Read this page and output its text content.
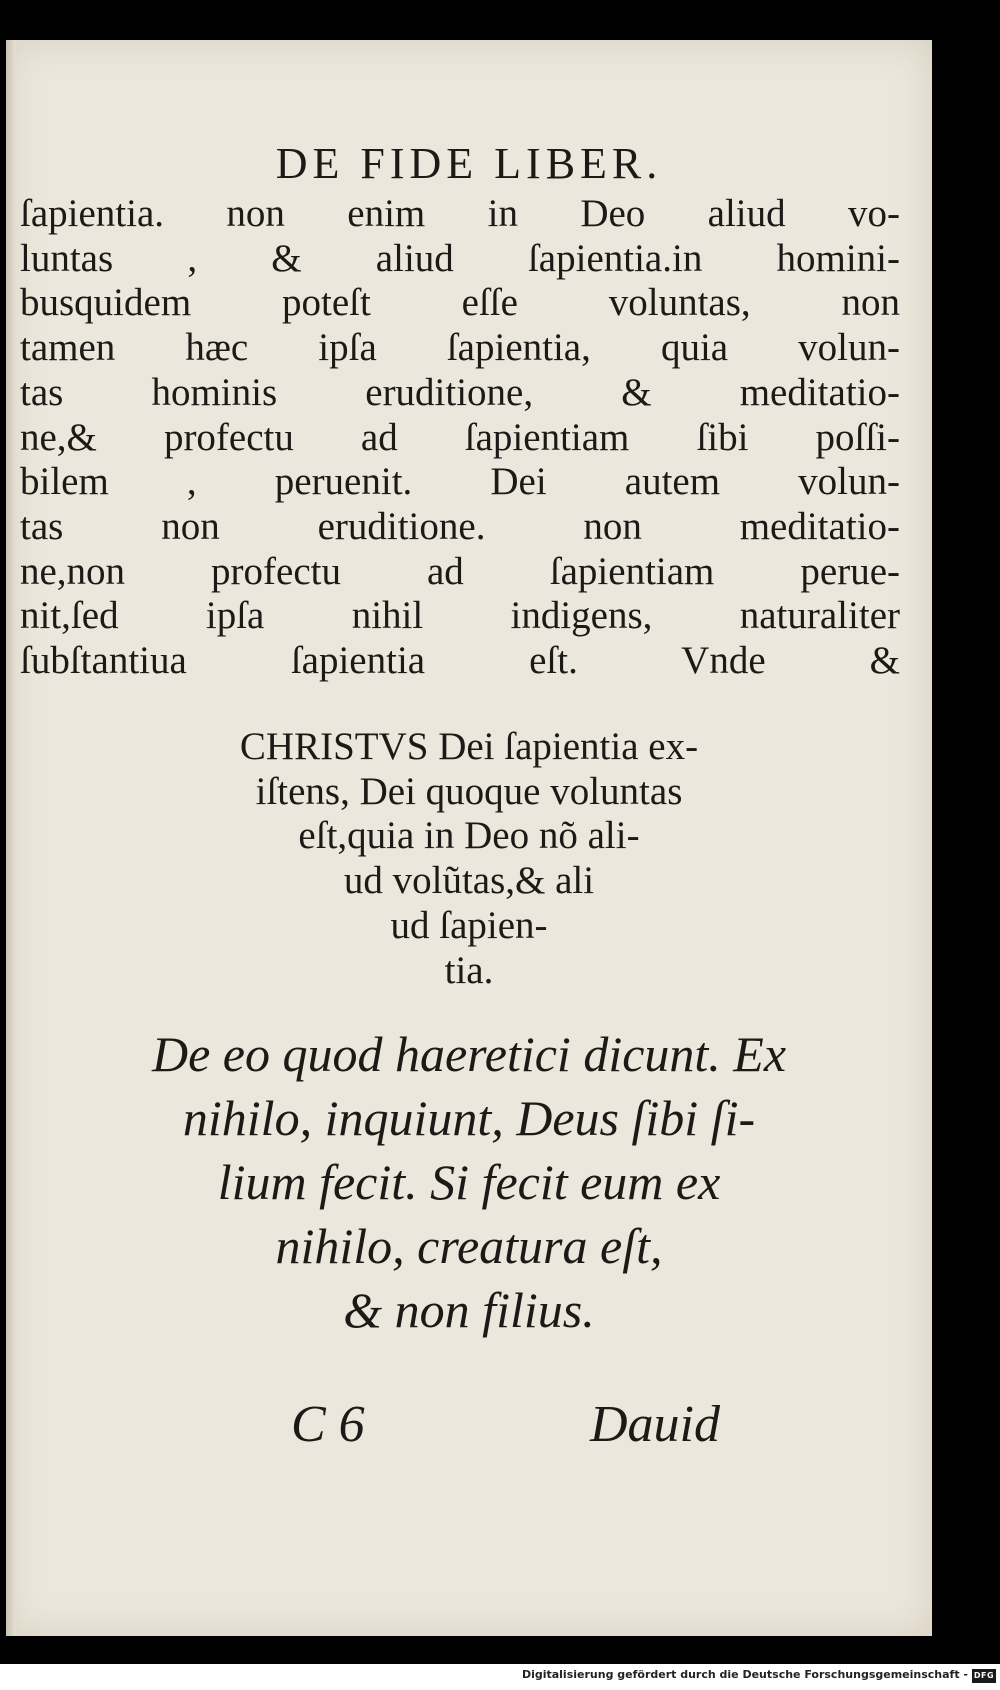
DE FIDE LIBER.
ſapientia. non enim in Deo aliud vo-
luntas , & aliud ſapientia.in homini-
busquidem poteſt eſſe voluntas, non
tamen hæc ipſa ſapientia, quia volun-
tas hominis eruditione, & meditatio-
ne,& profectu ad ſapientiam ſibi poſſi-
bilem , peruenit. Dei autem volun-
tas non eruditione. non meditatio-
ne,non profectu ad ſapientiam perue-
nit,ſed ipſa nihil indigens, naturaliter
ſubſtantiua ſapientia eſt. Vnde &
CHRISTVS Dei ſapientia ex-
iſtens, Dei quoque voluntas
eſt,quia in Deo nõ ali-
ud volũtas,& ali
ud ſapien-
tia.
De eo quod haeretici dicunt. Ex
nihilo, inquiunt, Deus ſibi ſi-
lium fecit. Si fecit eum ex
nihilo, creatura eſt,
& non filius.
C 6	Dauid
Digitalisierung gefördert durch die Deutsche Forschungsgemeinschaft - DFG
